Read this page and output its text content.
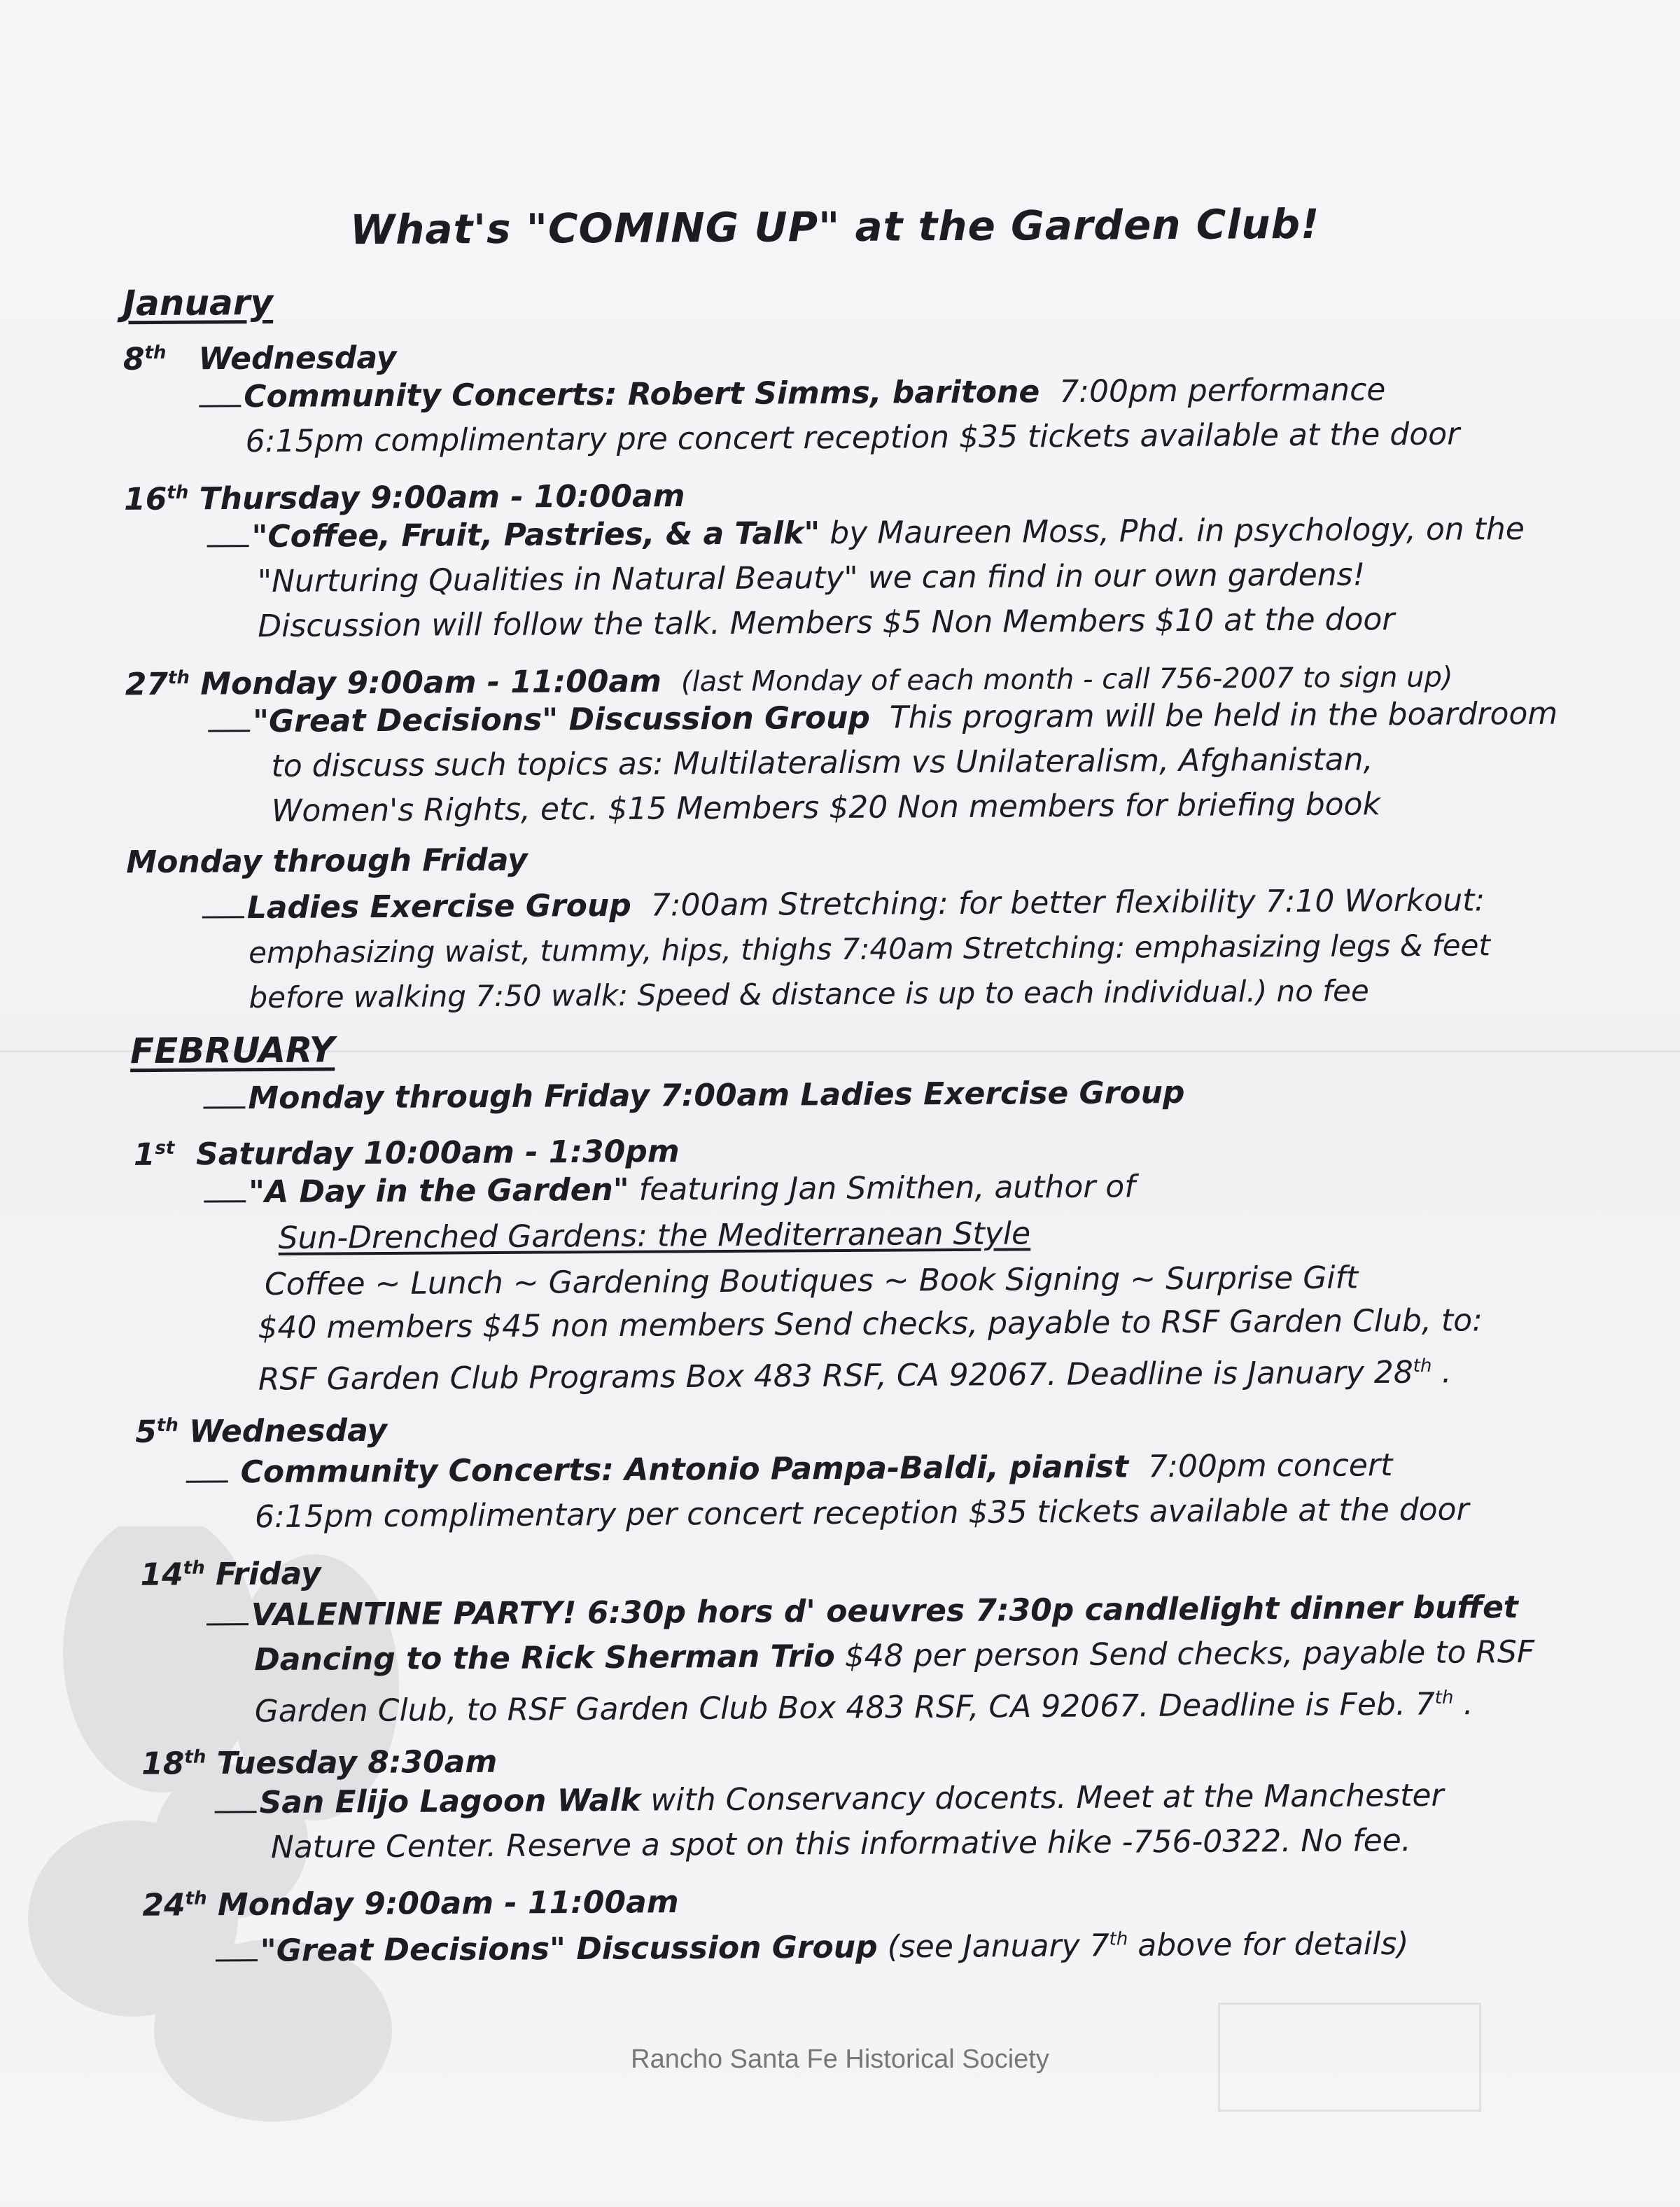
What's "COMING UP" at the Garden Club!
January
8th Wednesday
Community Concerts: Robert Simms, baritone 7:00pm performance
6:15pm complimentary pre concert reception $35 tickets available at the door
16th Thursday 9:00am - 10:00am
"Coffee, Fruit, Pastries, & a Talk" by Maureen Moss, Phd. in psychology, on the
"Nurturing Qualities in Natural Beauty" we can find in our own gardens!
Discussion will follow the talk. Members $5 Non Members $10 at the door
27th Monday 9:00am - 11:00am (last Monday of each month - call 756-2007 to sign up)
"Great Decisions" Discussion Group This program will be held in the boardroom
to discuss such topics as: Multilateralism vs Unilateralism, Afghanistan,
Women's Rights, etc. $15 Members $20 Non members for briefing book
Monday through Friday
Ladies Exercise Group 7:00am Stretching: for better flexibility 7:10 Workout:
emphasizing waist, tummy, hips, thighs 7:40am Stretching: emphasizing legs & feet
before walking 7:50 walk: Speed & distance is up to each individual.) no fee
FEBRUARY
Monday through Friday 7:00am Ladies Exercise Group
1st Saturday 10:00am - 1:30pm
"A Day in the Garden" featuring Jan Smithen, author of
Sun-Drenched Gardens: the Mediterranean Style
Coffee ~ Lunch ~ Gardening Boutiques ~ Book Signing ~ Surprise Gift
$40 members $45 non members Send checks, payable to RSF Garden Club, to:
RSF Garden Club Programs Box 483 RSF, CA 92067. Deadline is January 28th .
5th Wednesday
Community Concerts: Antonio Pampa-Baldi, pianist 7:00pm concert
6:15pm complimentary per concert reception $35 tickets available at the door
14th Friday
VALENTINE PARTY! 6:30p hors d' oeuvres 7:30p candlelight dinner buffet
Dancing to the Rick Sherman Trio $48 per person Send checks, payable to RSF
Garden Club, to RSF Garden Club Box 483 RSF, CA 92067. Deadline is Feb. 7th .
18th Tuesday 8:30am
San Elijo Lagoon Walk with Conservancy docents. Meet at the Manchester
Nature Center. Reserve a spot on this informative hike -756-0322. No fee.
24th Monday 9:00am - 11:00am
"Great Decisions" Discussion Group (see January 7th above for details)
Rancho Santa Fe Historical Society
